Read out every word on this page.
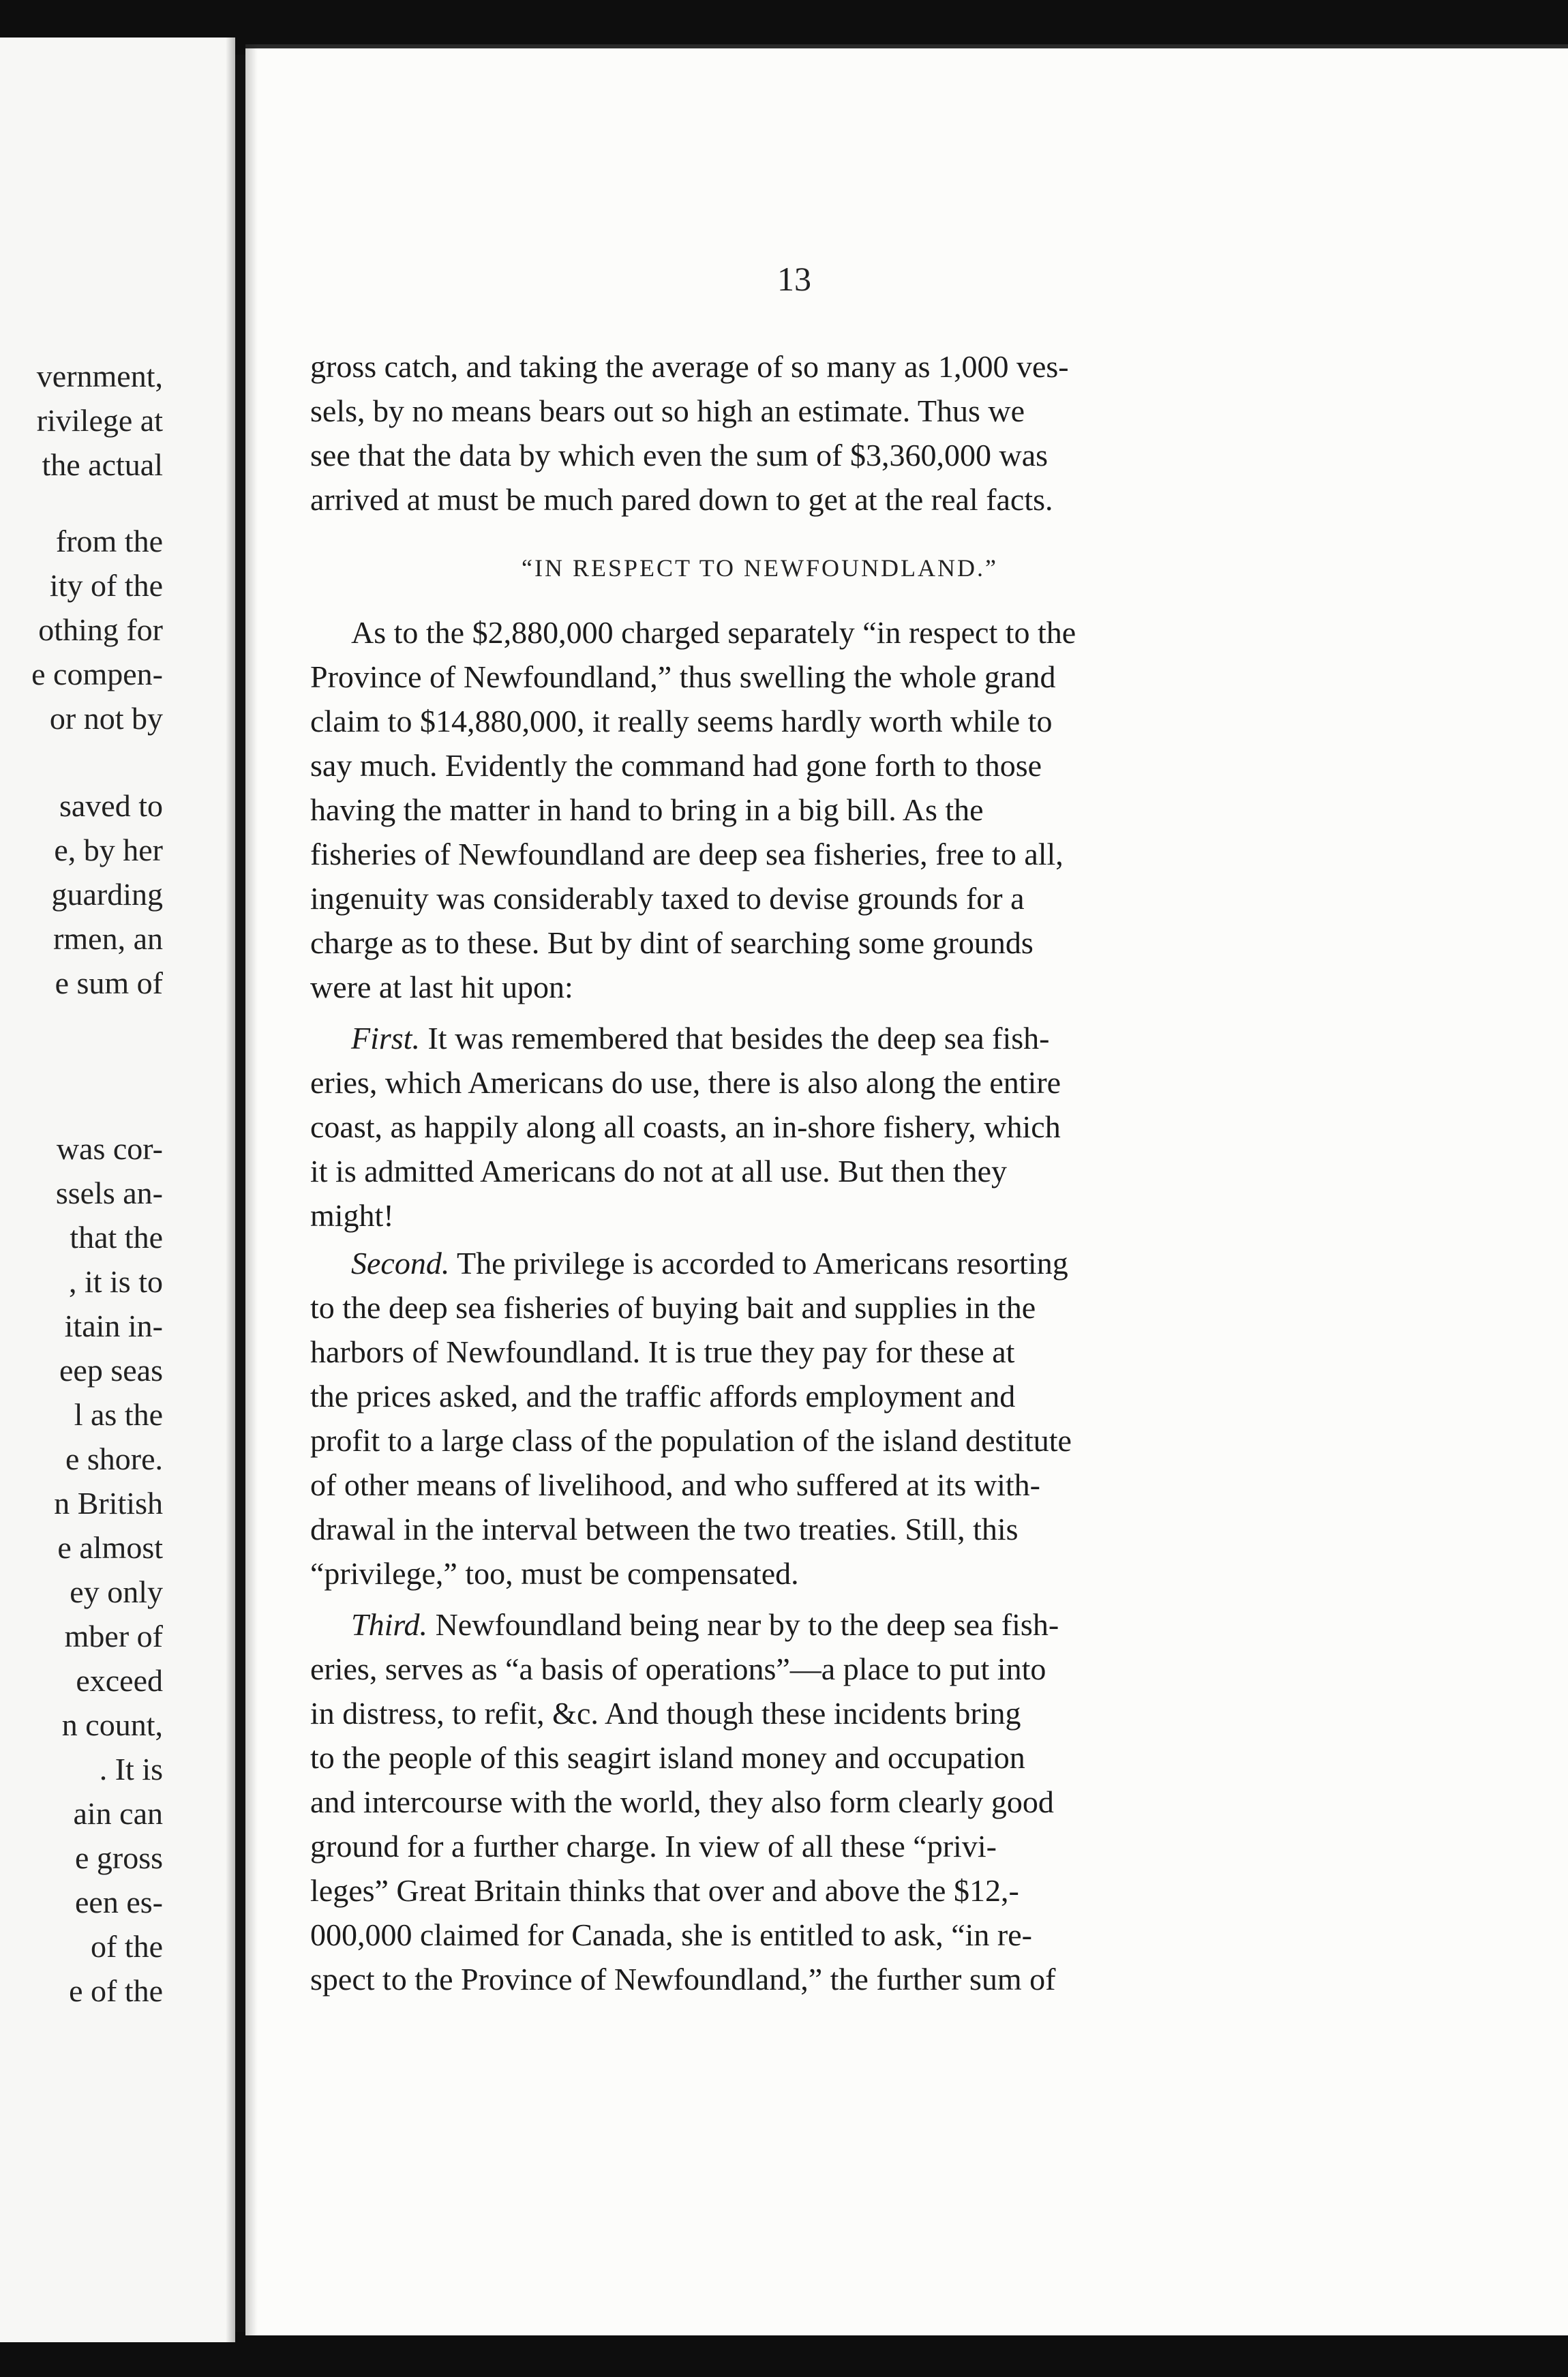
vernment,

rivilege at

the actual

from the

ity of the

othing for

e compen-

or not by

saved to

e, by her

guarding

rmen, an

e sum of

was cor-

ssels an-

that the

, it is to

itain in-

eep seas

l as the

e shore.

n British

e almost

ey only

mber of

exceed

n count,

. It is

ain can

e gross

een es-

of the

e of the

13
“IN RESPECT TO NEWFOUNDLAND.”

gross catch, and taking the average of so many as 1,000 ves-

sels, by no means bears out so high an estimate. Thus we

see that the data by which even the sum of $3,360,000 was

arrived at must be much pared down to get at the real facts.

As to the $2,880,000 charged separately “in respect to the

Province of Newfoundland,” thus swelling the whole grand

claim to $14,880,000, it really seems hardly worth while to

say much. Evidently the command had gone forth to those

having the matter in hand to bring in a big bill. As the

fisheries of Newfoundland are deep sea fisheries, free to all,

ingenuity was considerably taxed to devise grounds for a

charge as to these. But by dint of searching some grounds

were at last hit upon:

First. It was remembered that besides the deep sea fish-

eries, which Americans do use, there is also along the entire

coast, as happily along all coasts, an in-shore fishery, which

it is admitted Americans do not at all use. But then they

might!

Second. The privilege is accorded to Americans resorting

to the deep sea fisheries of buying bait and supplies in the

harbors of Newfoundland. It is true they pay for these at

the prices asked, and the traffic affords employment and

profit to a large class of the population of the island destitute

of other means of livelihood, and who suffered at its with-

drawal in the interval between the two treaties. Still, this

“privilege,” too, must be compensated.

Third. Newfoundland being near by to the deep sea fish-

eries, serves as “a basis of operations”—a place to put into

in distress, to refit, &c. And though these incidents bring

to the people of this seagirt island money and occupation

and intercourse with the world, they also form clearly good

ground for a further charge. In view of all these “privi-

leges” Great Britain thinks that over and above the $12,-

000,000 claimed for Canada, she is entitled to ask, “in re-

spect to the Province of Newfoundland,” the further sum of
